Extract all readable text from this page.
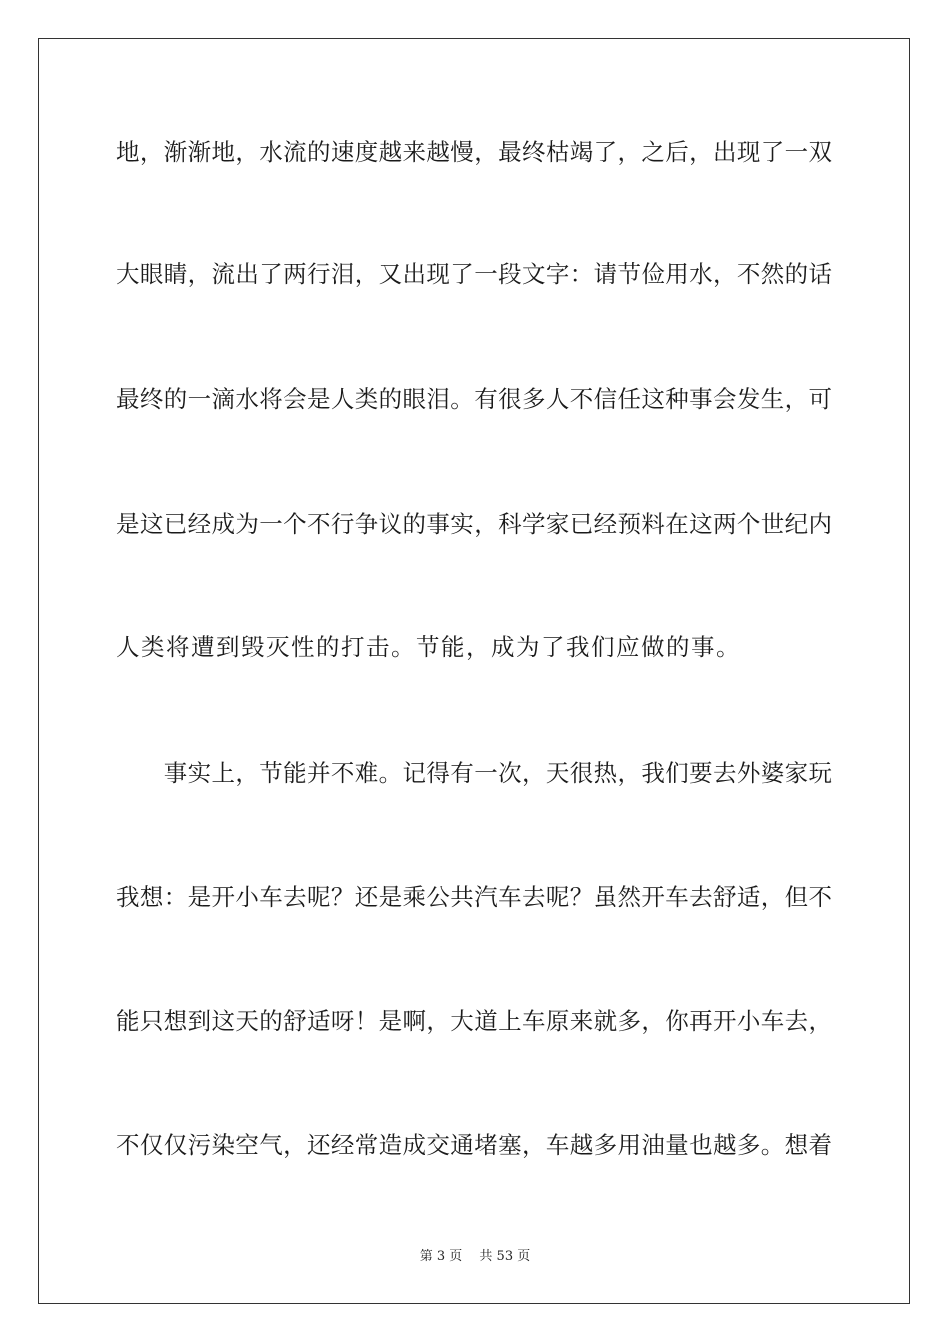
地，渐渐地，水流的速度越来越慢，最终枯竭了，之后，出现了一双
大眼睛，流出了两行泪，又出现了一段文字：请节俭用水，不然的话
最终的一滴水将会是人类的眼泪。有很多人不信任这种事会发生，可
是这已经成为一个不行争议的事实，科学家已经预料在这两个世纪内
人类将遭到毁灭性的打击。节能，成为了我们应做的事。
　　事实上，节能并不难。记得有一次，天很热，我们要去外婆家玩
我想：是开小车去呢？还是乘公共汽车去呢？虽然开车去舒适，但不
能只想到这天的舒适呀！是啊，大道上车原来就多，你再开小车去，
不仅仅污染空气，还经常造成交通堵塞，车越多用油量也越多。想着
第 3 页　 共 53 页
